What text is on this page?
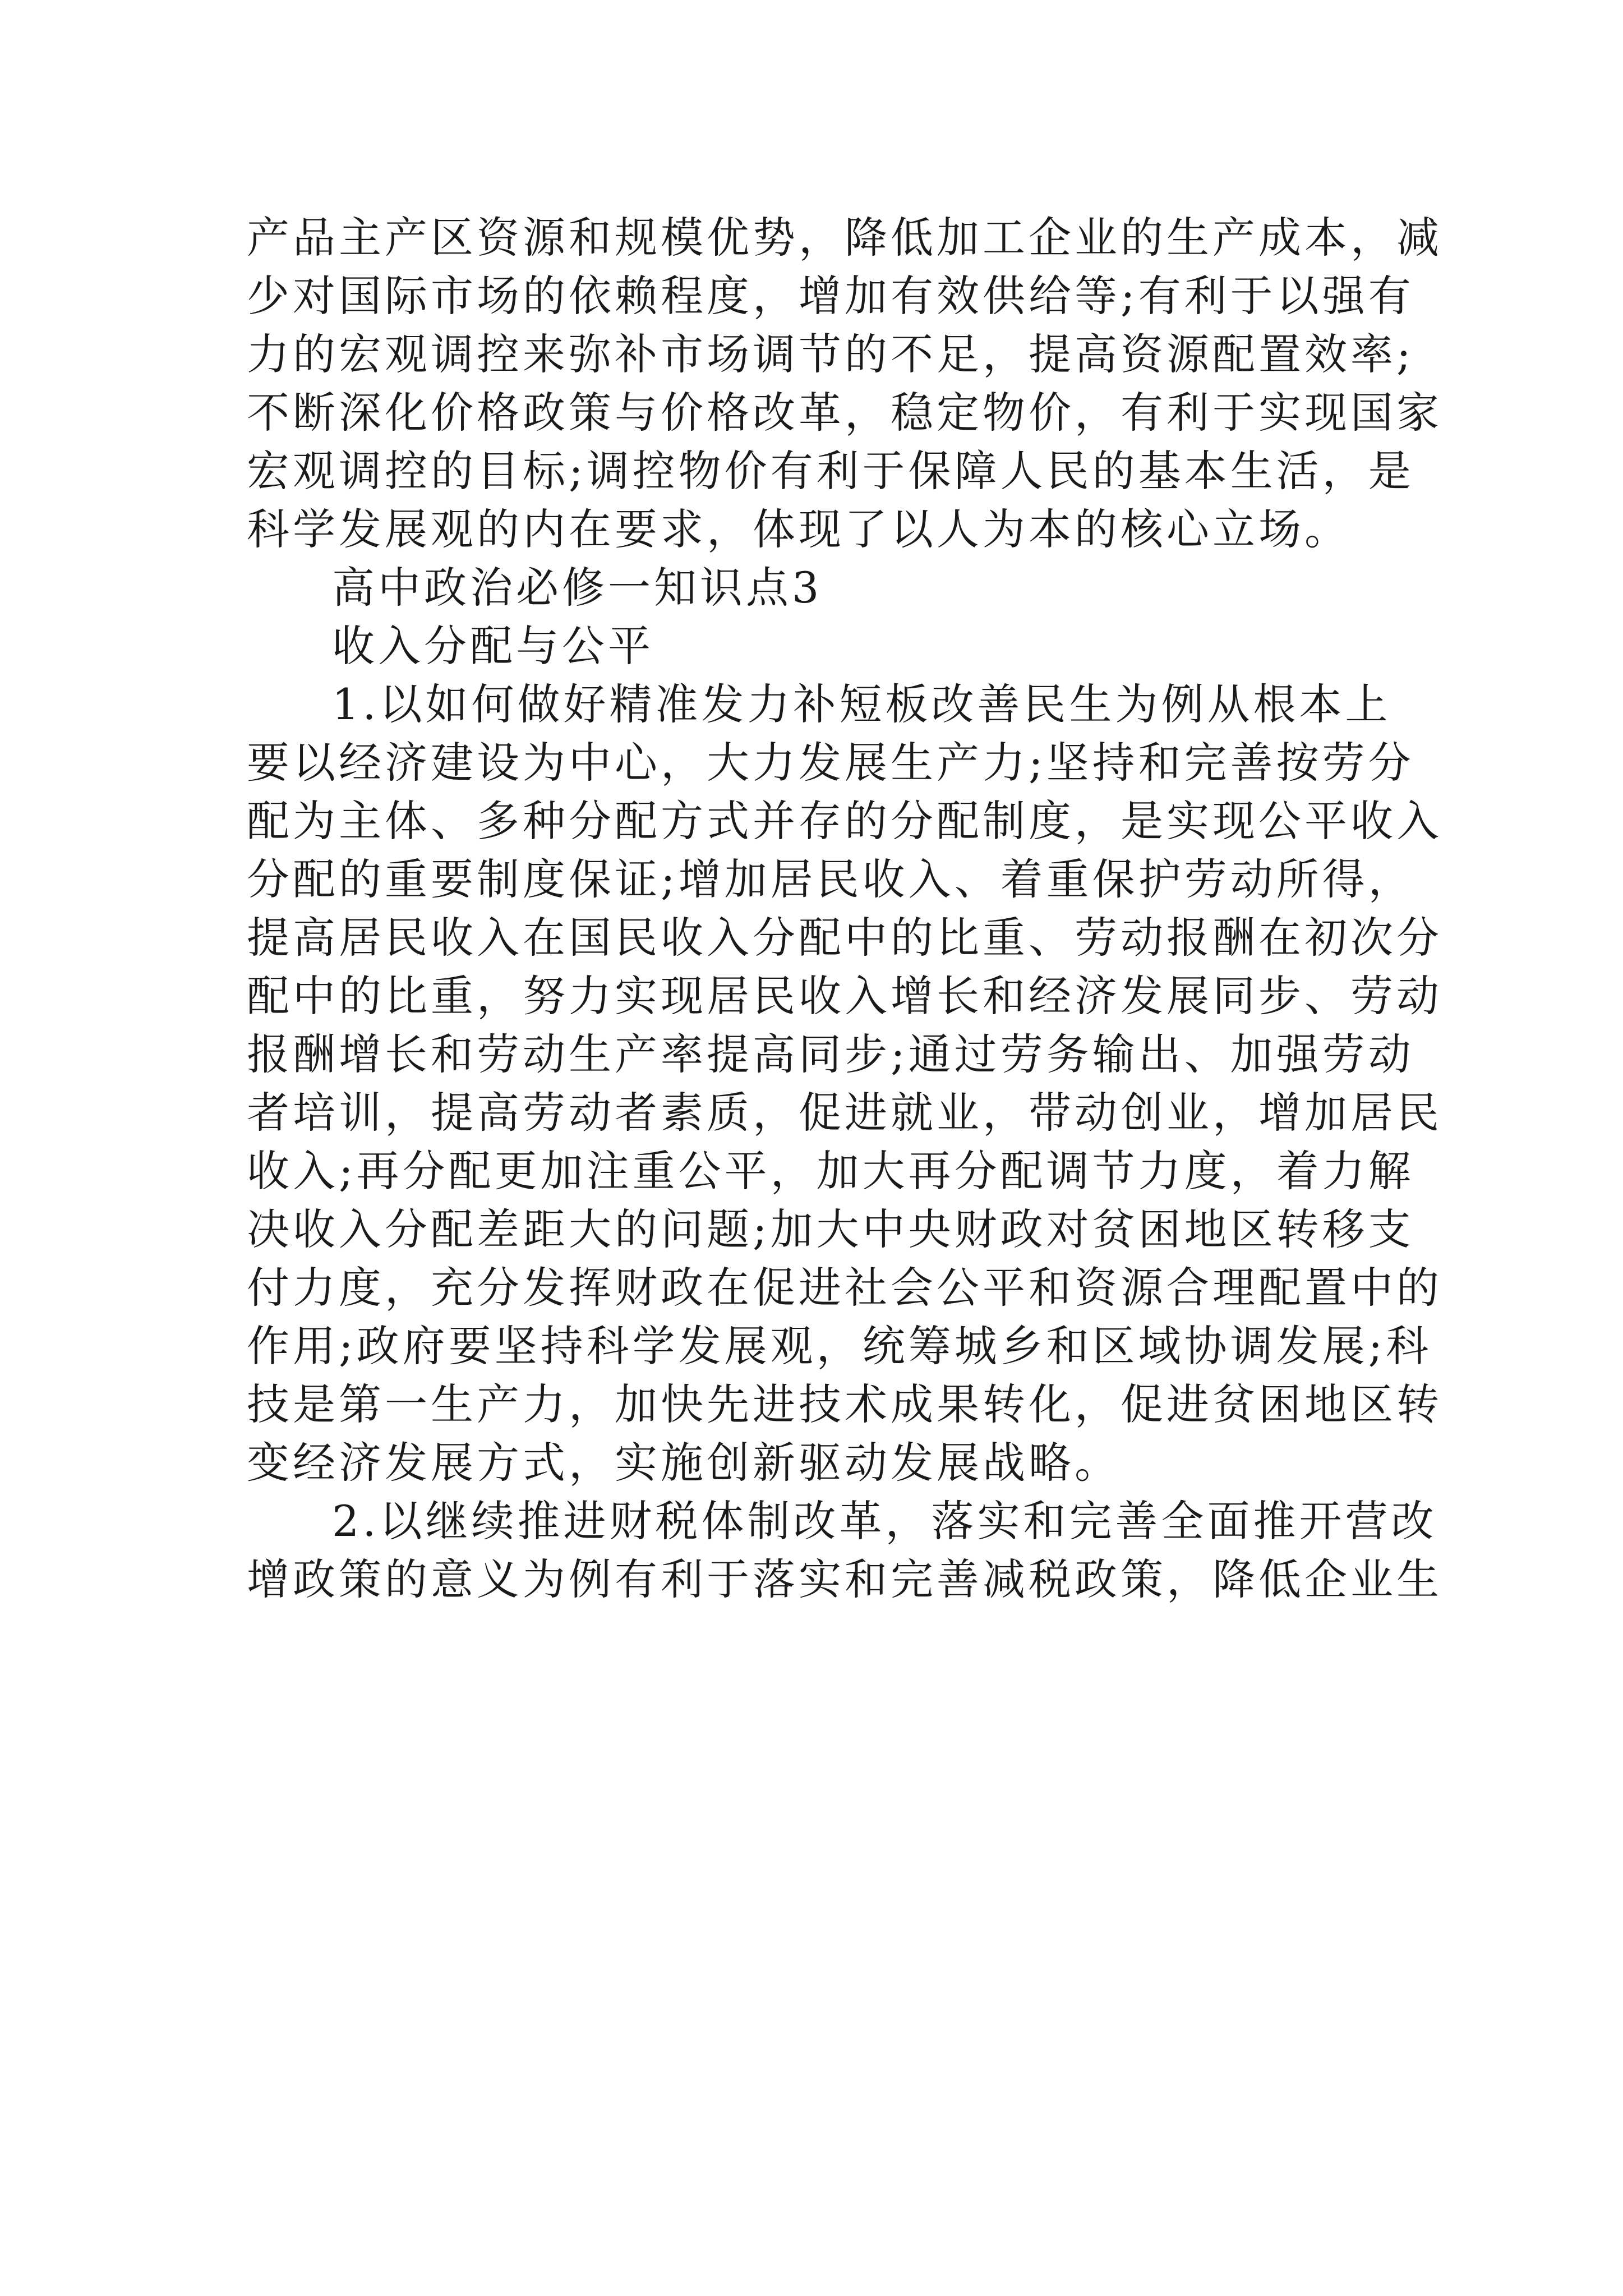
产品主产区资源和规模优势，降低加工企业的生产成本，减
少对国际市场的依赖程度，增加有效供给等;有利于以强有
力的宏观调控来弥补市场调节的不足，提高资源配置效率;
不断深化价格政策与价格改革，稳定物价，有利于实现国家
宏观调控的目标;调控物价有利于保障人民的基本生活，是
科学发展观的内在要求，体现了以人为本的核心立场。
高中政治必修一知识点3
收入分配与公平
1.以如何做好精准发力补短板改善民生为例从根本上
要以经济建设为中心，大力发展生产力;坚持和完善按劳分
配为主体、多种分配方式并存的分配制度，是实现公平收入
分配的重要制度保证;增加居民收入、着重保护劳动所得，
提高居民收入在国民收入分配中的比重、劳动报酬在初次分
配中的比重，努力实现居民收入增长和经济发展同步、劳动
报酬增长和劳动生产率提高同步;通过劳务输出、加强劳动
者培训，提高劳动者素质，促进就业，带动创业，增加居民
收入;再分配更加注重公平，加大再分配调节力度，着力解
决收入分配差距大的问题;加大中央财政对贫困地区转移支
付力度，充分发挥财政在促进社会公平和资源合理配置中的
作用;政府要坚持科学发展观，统筹城乡和区域协调发展;科
技是第一生产力，加快先进技术成果转化，促进贫困地区转
变经济发展方式，实施创新驱动发展战略。
2.以继续推进财税体制改革，落实和完善全面推开营改
增政策的意义为例有利于落实和完善减税政策，降低企业生
